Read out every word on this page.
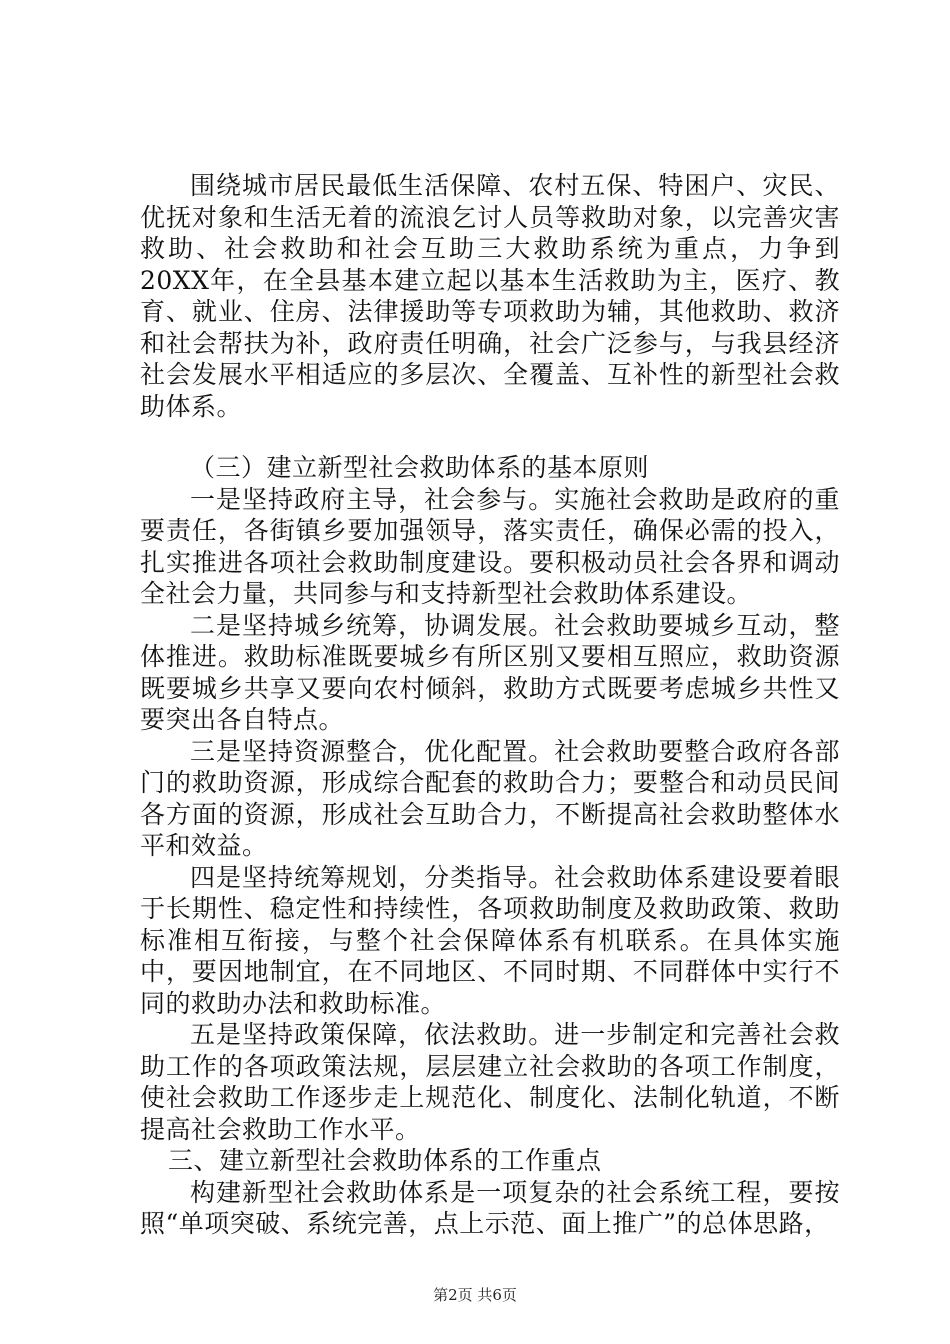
围绕城市居民最低生活保障、农村五保、特困户、灾民、优抚对象和生活无着的流浪乞讨人员等救助对象，以完善灾害救助、社会救助和社会互助三大救助系统为重点，力争到20XX年，在全县基本建立起以基本生活救助为主，医疗、教育、就业、住房、法律援助等专项救助为辅，其他救助、救济和社会帮扶为补，政府责任明确，社会广泛参与，与我县经济社会发展水平相适应的多层次、全覆盖、互补性的新型社会救助体系。

（三）建立新型社会救助体系的基本原则

一是坚持政府主导，社会参与。实施社会救助是政府的重要责任，各街镇乡要加强领导，落实责任，确保必需的投入，扎实推进各项社会救助制度建设。要积极动员社会各界和调动全社会力量，共同参与和支持新型社会救助体系建设。

二是坚持城乡统筹，协调发展。社会救助要城乡互动，整体推进。救助标准既要城乡有所区别又要相互照应，救助资源既要城乡共享又要向农村倾斜，救助方式既要考虑城乡共性又要突出各自特点。

三是坚持资源整合，优化配置。社会救助要整合政府各部门的救助资源，形成综合配套的救助合力；要整合和动员民间各方面的资源，形成社会互助合力，不断提高社会救助整体水平和效益。

四是坚持统筹规划，分类指导。社会救助体系建设要着眼于长期性、稳定性和持续性，各项救助制度及救助政策、救助标准相互衔接，与整个社会保障体系有机联系。在具体实施中，要因地制宜，在不同地区、不同时期、不同群体中实行不同的救助办法和救助标准。

五是坚持政策保障，依法救助。进一步制定和完善社会救助工作的各项政策法规，层层建立社会救助的各项工作制度，使社会救助工作逐步走上规范化、制度化、法制化轨道，不断提高社会救助工作水平。

三、建立新型社会救助体系的工作重点

构建新型社会救助体系是一项复杂的社会系统工程，要按照“单项突破、系统完善，点上示范、面上推广”的总体思路，

第2页 共6页
